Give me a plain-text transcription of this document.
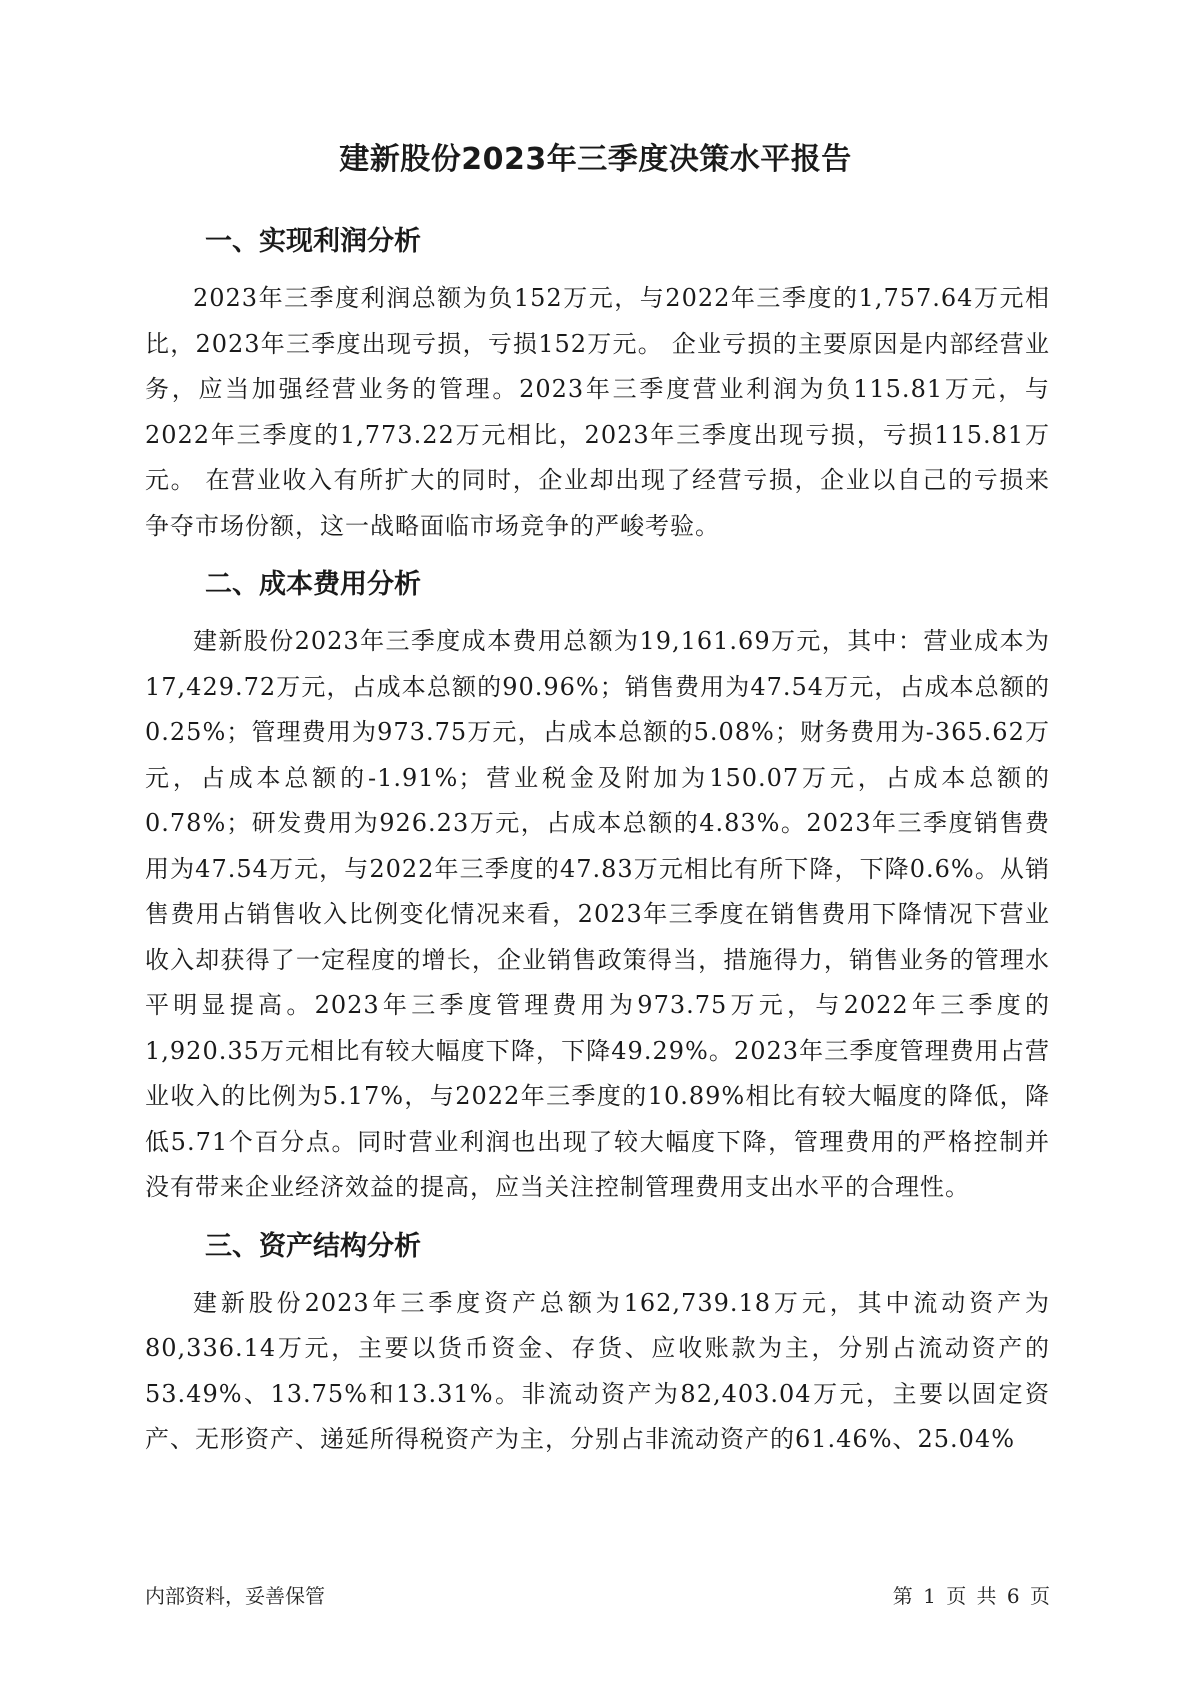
建新股份2023年三季度决策水平报告
一、实现利润分析

2023年三季度利润总额为负152万元，与2022年三季度的1,757.64万元相比，2023年三季度出现亏损，亏损152万元。 企业亏损的主要原因是内部经营业务，应当加强经营业务的管理。2023年三季度营业利润为负115.81万元，与2022年三季度的1,773.22万元相比，2023年三季度出现亏损，亏损115.81万元。 在营业收入有所扩大的同时，企业却出现了经营亏损，企业以自己的亏损来争夺市场份额，这一战略面临市场竞争的严峻考验。

二、成本费用分析

建新股份2023年三季度成本费用总额为19,161.69万元，其中：营业成本为17,429.72万元，占成本总额的90.96%；销售费用为47.54万元，占成本总额的0.25%；管理费用为973.75万元，占成本总额的5.08%；财务费用为-365.62万元，占成本总额的-1.91%；营业税金及附加为150.07万元，占成本总额的0.78%；研发费用为926.23万元，占成本总额的4.83%。2023年三季度销售费用为47.54万元，与2022年三季度的47.83万元相比有所下降，下降0.6%。从销售费用占销售收入比例变化情况来看，2023年三季度在销售费用下降情况下营业收入却获得了一定程度的增长，企业销售政策得当，措施得力，销售业务的管理水平明显提高。2023年三季度管理费用为973.75万元，与2022年三季度的1,920.35万元相比有较大幅度下降，下降49.29%。2023年三季度管理费用占营业收入的比例为5.17%，与2022年三季度的10.89%相比有较大幅度的降低，降低5.71个百分点。同时营业利润也出现了较大幅度下降，管理费用的严格控制并没有带来企业经济效益的提高，应当关注控制管理费用支出水平的合理性。

三、资产结构分析

建新股份2023年三季度资产总额为162,739.18万元，其中流动资产为80,336.14万元，主要以货币资金、存货、应收账款为主，分别占流动资产的53.49%、13.75%和13.31%。非流动资产为82,403.04万元，主要以固定资产、无形资产、递延所得税资产为主，分别占非流动资产的61.46%、25.04%

内部资料，妥善保管	第 1 页 共 6 页
